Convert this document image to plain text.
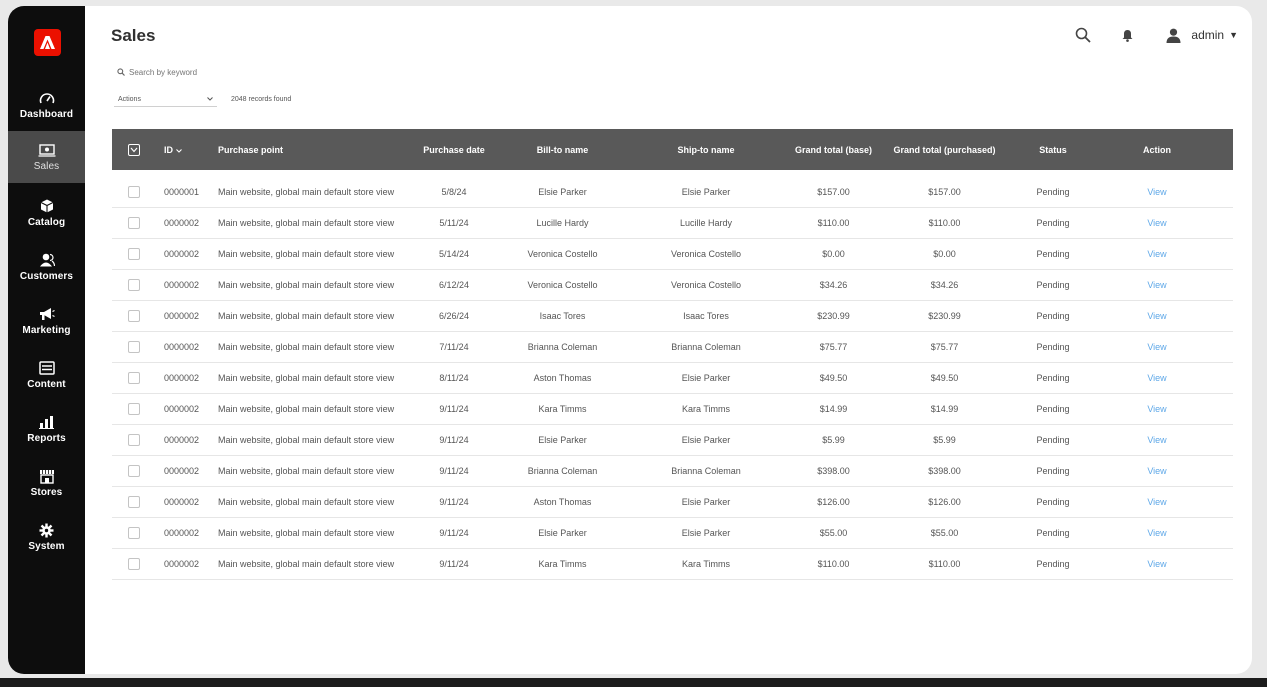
Dashboard
Sales
Catalog
Customers
Marketing
Content
Reports
Stores
System
Sales	admin ▼
Search by keyword
Actions	2048 records found
ID	Purchase point	Purchase date	Bill-to name	Ship-to name	Grand total (base)	Grand total (purchased)	Status	Action
0000001	Main website, global main default store view	5/8/24	Elsie Parker	Elsie Parker	$157.00	$157.00	Pending	View
0000002	Main website, global main default store view	5/11/24	Lucille Hardy	Lucille Hardy	$110.00	$110.00	Pending	View
0000002	Main website, global main default store view	5/14/24	Veronica Costello	Veronica Costello	$0.00	$0.00	Pending	View
0000002	Main website, global main default store view	6/12/24	Veronica Costello	Veronica Costello	$34.26	$34.26	Pending	View
0000002	Main website, global main default store view	6/26/24	Isaac Tores	Isaac Tores	$230.99	$230.99	Pending	View
0000002	Main website, global main default store view	7/11/24	Brianna Coleman	Brianna Coleman	$75.77	$75.77	Pending	View
0000002	Main website, global main default store view	8/11/24	Aston Thomas	Elsie Parker	$49.50	$49.50	Pending	View
0000002	Main website, global main default store view	9/11/24	Kara Timms	Kara Timms	$14.99	$14.99	Pending	View
0000002	Main website, global main default store view	9/11/24	Elsie Parker	Elsie Parker	$5.99	$5.99	Pending	View
0000002	Main website, global main default store view	9/11/24	Brianna Coleman	Brianna Coleman	$398.00	$398.00	Pending	View
0000002	Main website, global main default store view	9/11/24	Aston Thomas	Elsie Parker	$126.00	$126.00	Pending	View
0000002	Main website, global main default store view	9/11/24	Elsie Parker	Elsie Parker	$55.00	$55.00	Pending	View
0000002	Main website, global main default store view	9/11/24	Kara Timms	Kara Timms	$110.00	$110.00	Pending	View
